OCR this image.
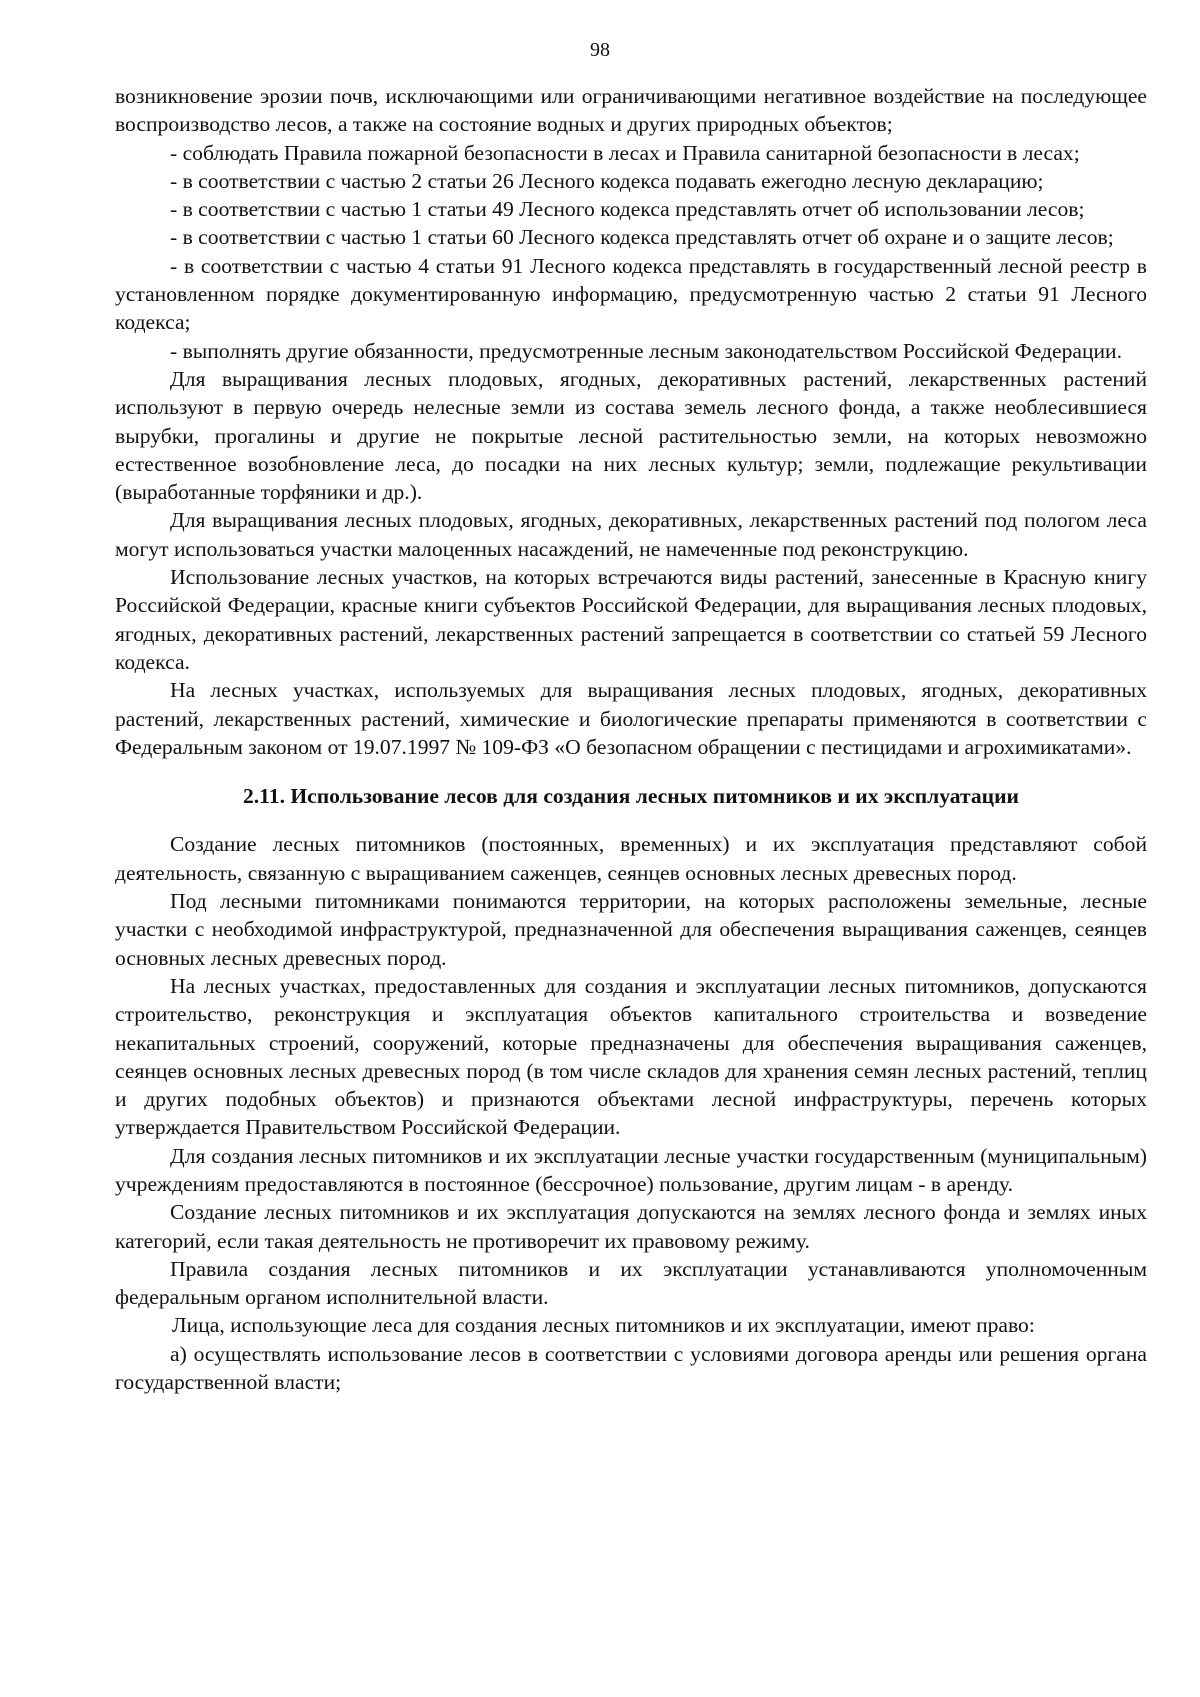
98

возникновение эрозии почв, исключающими или ограничивающими негативное воздействие на последующее воспроизводство лесов, а также на состояние водных и других природных объектов;

- соблюдать Правила пожарной безопасности в лесах и Правила санитарной безопасности в лесах;

- в соответствии с частью 2 статьи 26 Лесного кодекса подавать ежегодно лесную декларацию;

- в соответствии с частью 1 статьи 49 Лесного кодекса представлять отчет об использовании лесов;

- в соответствии с частью 1 статьи 60 Лесного кодекса представлять отчет об охране и о защите лесов;

- в соответствии с частью 4 статьи 91 Лесного кодекса представлять в государственный лесной реестр в установленном порядке документированную информацию, предусмотренную частью 2 статьи 91 Лесного кодекса;

- выполнять другие обязанности, предусмотренные лесным законодательством Российской Федерации.

Для выращивания лесных плодовых, ягодных, декоративных растений, лекарственных растений используют в первую очередь нелесные земли из состава земель лесного фонда, а также необлесившиеся вырубки, прогалины и другие не покрытые лесной растительностью земли, на которых невозможно естественное возобновление леса, до посадки на них лесных культур; земли, подлежащие рекультивации (выработанные торфяники и др.).

Для выращивания лесных плодовых, ягодных, декоративных, лекарственных растений под пологом леса могут использоваться участки малоценных насаждений, не намеченные под реконструкцию.

Использование лесных участков, на которых встречаются виды растений, занесенные в Красную книгу Российской Федерации, красные книги субъектов Российской Федерации, для выращивания лесных плодовых, ягодных, декоративных растений, лекарственных растений запрещается в соответствии со статьей 59 Лесного кодекса.

На лесных участках, используемых для выращивания лесных плодовых, ягодных, декоративных растений, лекарственных растений, химические и биологические препараты применяются в соответствии с Федеральным законом от 19.07.1997 № 109-ФЗ «О безопасном обращении с пестицидами и агрохимикатами».

2.11. Использование лесов для создания лесных питомников и их эксплуатации

Создание лесных питомников (постоянных, временных) и их эксплуатация представляют собой деятельность, связанную с выращиванием саженцев, сеянцев основных лесных древесных пород.

Под лесными питомниками понимаются территории, на которых расположены земельные, лесные участки с необходимой инфраструктурой, предназначенной для обеспечения выращивания саженцев, сеянцев основных лесных древесных пород.

На лесных участках, предоставленных для создания и эксплуатации лесных питомников, допускаются строительство, реконструкция и эксплуатация объектов капитального строительства и возведение некапитальных строений, сооружений, которые предназначены для обеспечения выращивания саженцев, сеянцев основных лесных древесных пород (в том числе складов для хранения семян лесных растений, теплиц и других подобных объектов) и признаются объектами лесной инфраструктуры, перечень которых утверждается Правительством Российской Федерации.

Для создания лесных питомников и их эксплуатации лесные участки государственным (муниципальным) учреждениям предоставляются в постоянное (бессрочное) пользование, другим лицам - в аренду.

Создание лесных питомников и их эксплуатация допускаются на землях лесного фонда и землях иных категорий, если такая деятельность не противоречит их правовому режиму.

Правила создания лесных питомников и их эксплуатации устанавливаются уполномоченным федеральным органом исполнительной власти.

Лица, использующие леса для создания лесных питомников и их эксплуатации, имеют право:

а) осуществлять использование лесов в соответствии с условиями договора аренды или решения органа государственной власти;
